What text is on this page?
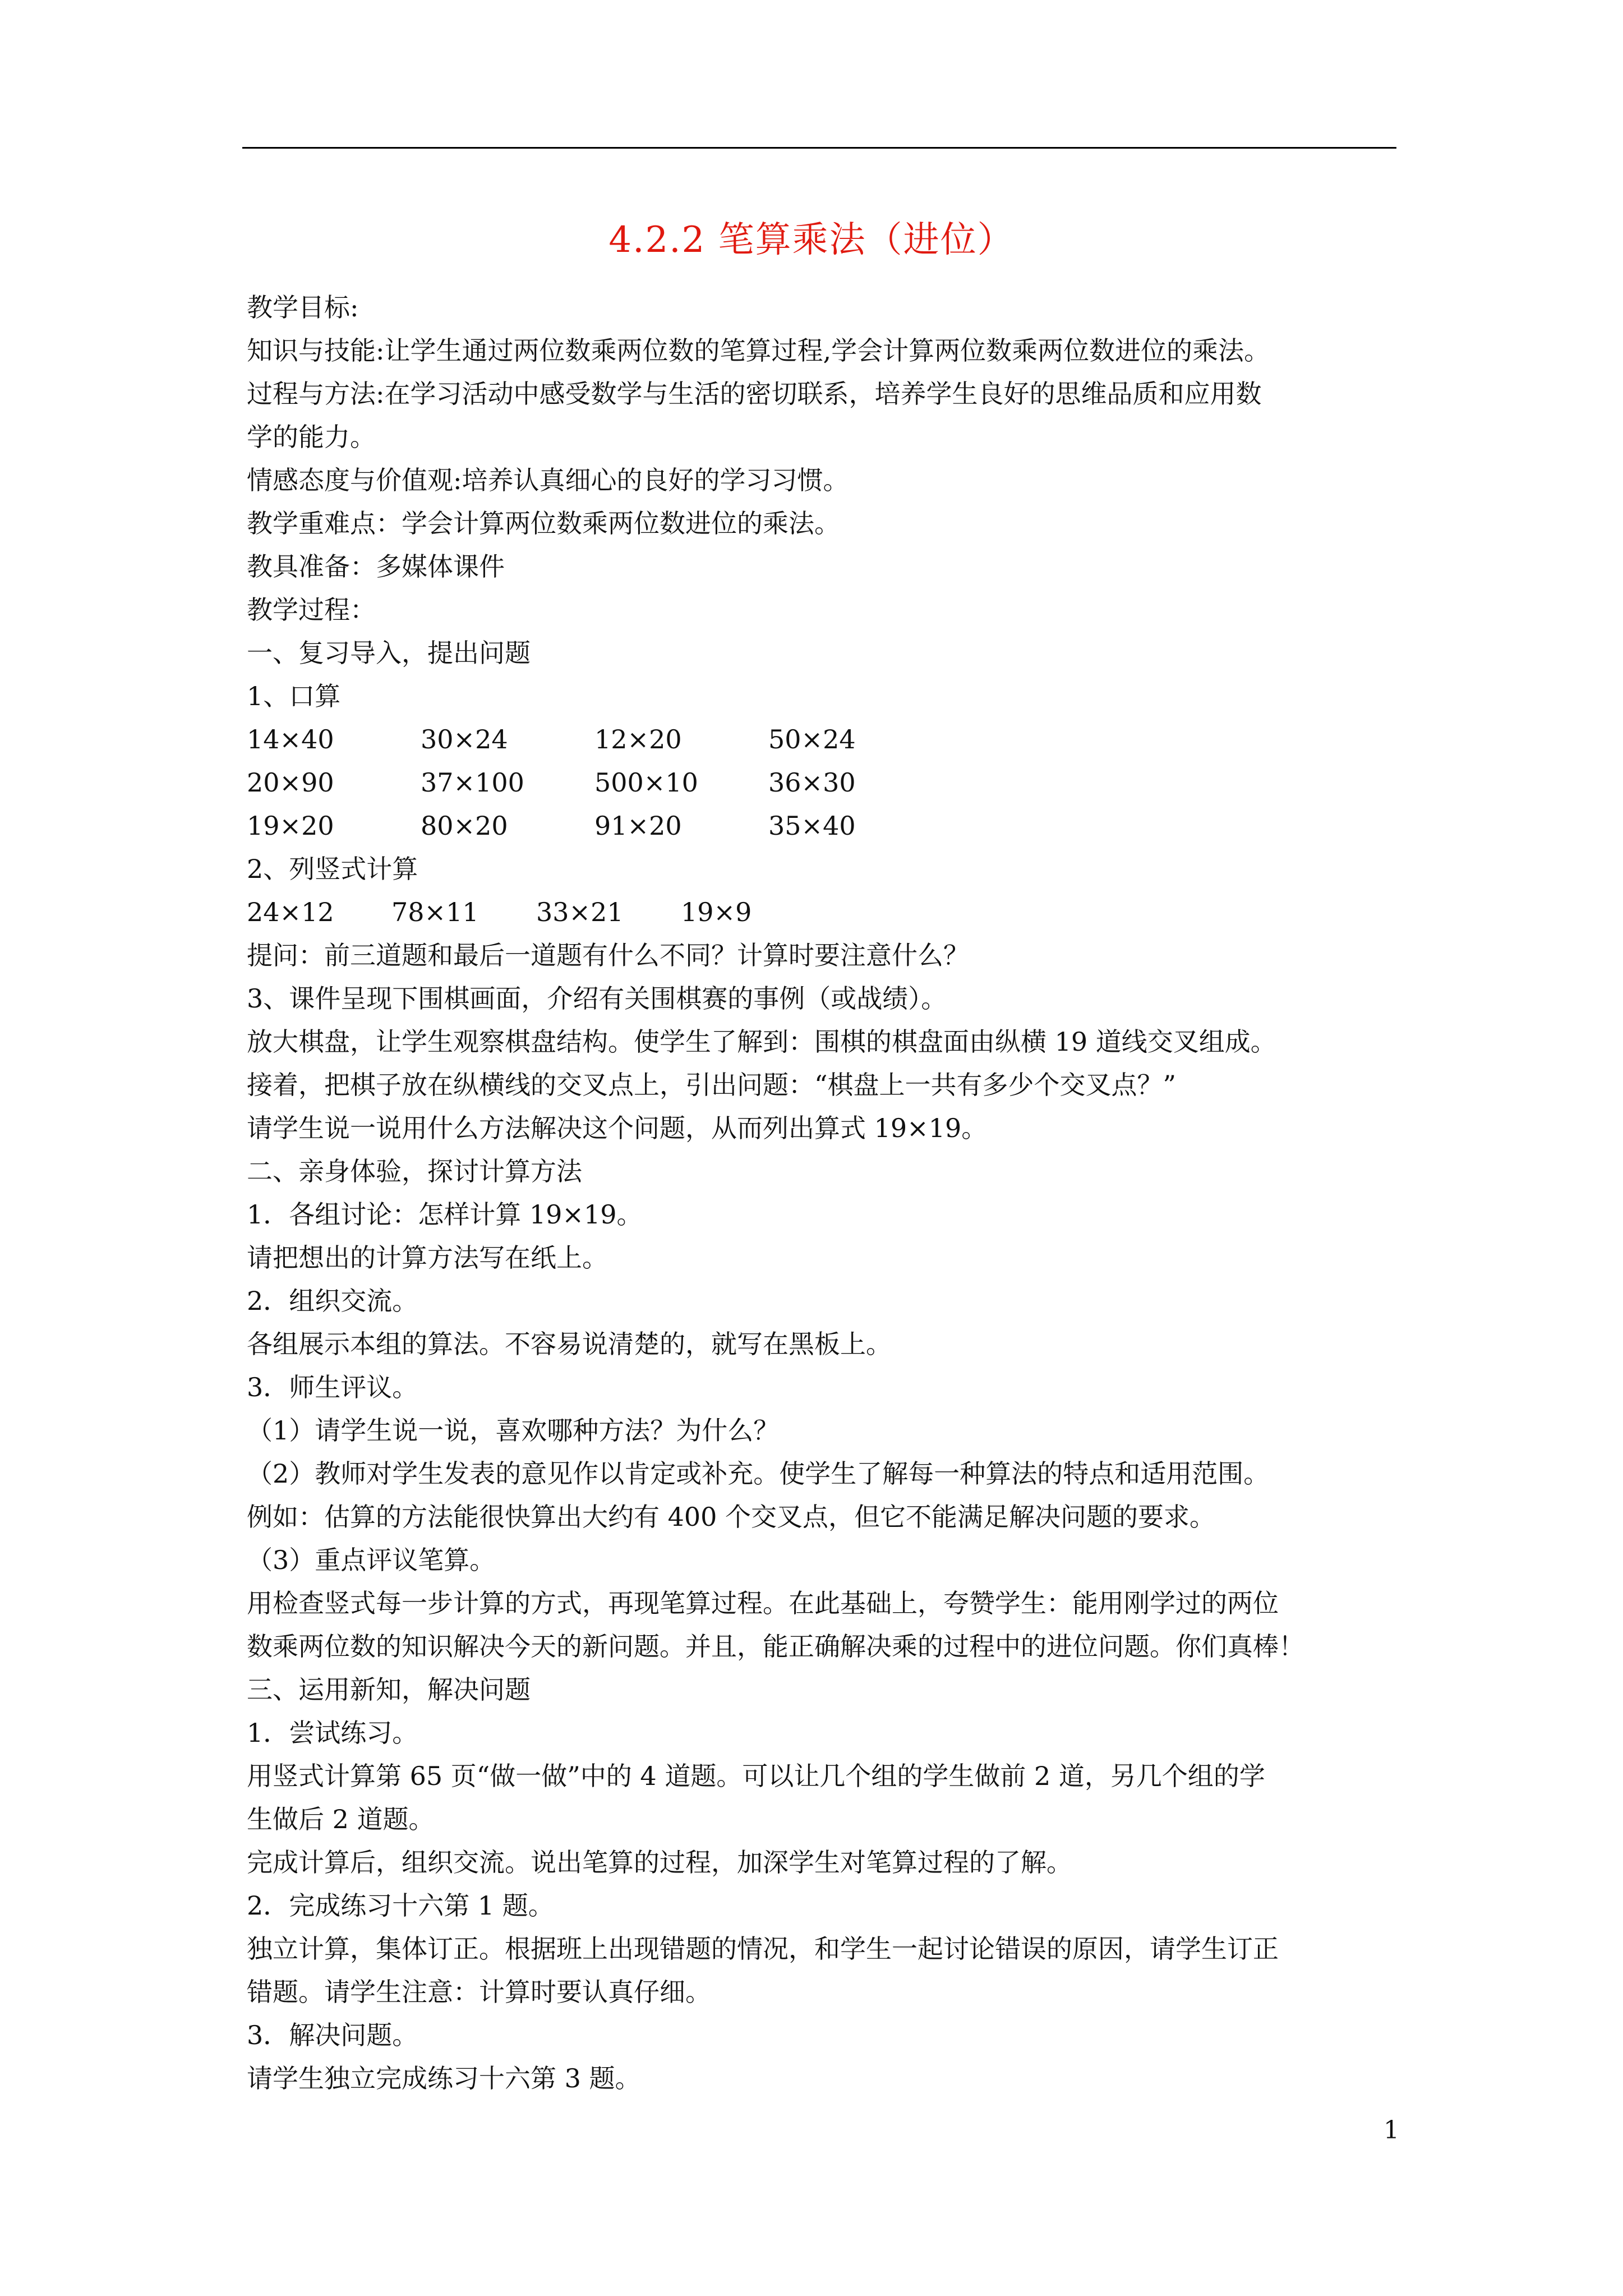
4.2.2 笔算乘法（进位）
教学目标:
知识与技能:让学生通过两位数乘两位数的笔算过程,学会计算两位数乘两位数进位的乘法。
过程与方法:在学习活动中感受数学与生活的密切联系，培养学生良好的思维品质和应用数
学的能力。
情感态度与价值观:培养认真细心的良好的学习习惯。
教学重难点：学会计算两位数乘两位数进位的乘法。
教具准备：多媒体课件
教学过程：
一、复习导入，提出问题
1、口算
14×40	30×24	12×20	50×24
20×90	37×100	500×10	36×30
19×20	80×20	91×20	35×40
2、列竖式计算
24×12	78×11	33×21	19×9
提问：前三道题和最后一道题有什么不同？计算时要注意什么？
3、课件呈现下围棋画面，介绍有关围棋赛的事例（或战绩）。
放大棋盘，让学生观察棋盘结构。使学生了解到：围棋的棋盘面由纵横 19 道线交叉组成。
接着，把棋子放在纵横线的交叉点上，引出问题：“棋盘上一共有多少个交叉点？”
请学生说一说用什么方法解决这个问题，从而列出算式 19×19。
二、亲身体验，探讨计算方法
1．各组讨论：怎样计算 19×19。
请把想出的计算方法写在纸上。
2．组织交流。
各组展示本组的算法。不容易说清楚的，就写在黑板上。
3．师生评议。
（1）请学生说一说，喜欢哪种方法？为什么？
（2）教师对学生发表的意见作以肯定或补充。使学生了解每一种算法的特点和适用范围。
例如：估算的方法能很快算出大约有 400 个交叉点，但它不能满足解决问题的要求。
（3）重点评议笔算。
用检查竖式每一步计算的方式，再现笔算过程。在此基础上，夸赞学生：能用刚学过的两位
数乘两位数的知识解决今天的新问题。并且，能正确解决乘的过程中的进位问题。你们真棒！
三、运用新知，解决问题
1．尝试练习。
用竖式计算第 65 页“做一做”中的 4 道题。可以让几个组的学生做前 2 道，另几个组的学
生做后 2 道题。
完成计算后，组织交流。说出笔算的过程，加深学生对笔算过程的了解。
2．完成练习十六第 1 题。
独立计算，集体订正。根据班上出现错题的情况，和学生一起讨论错误的原因，请学生订正
错题。请学生注意：计算时要认真仔细。
3．解决问题。
请学生独立完成练习十六第 3 题。
1
